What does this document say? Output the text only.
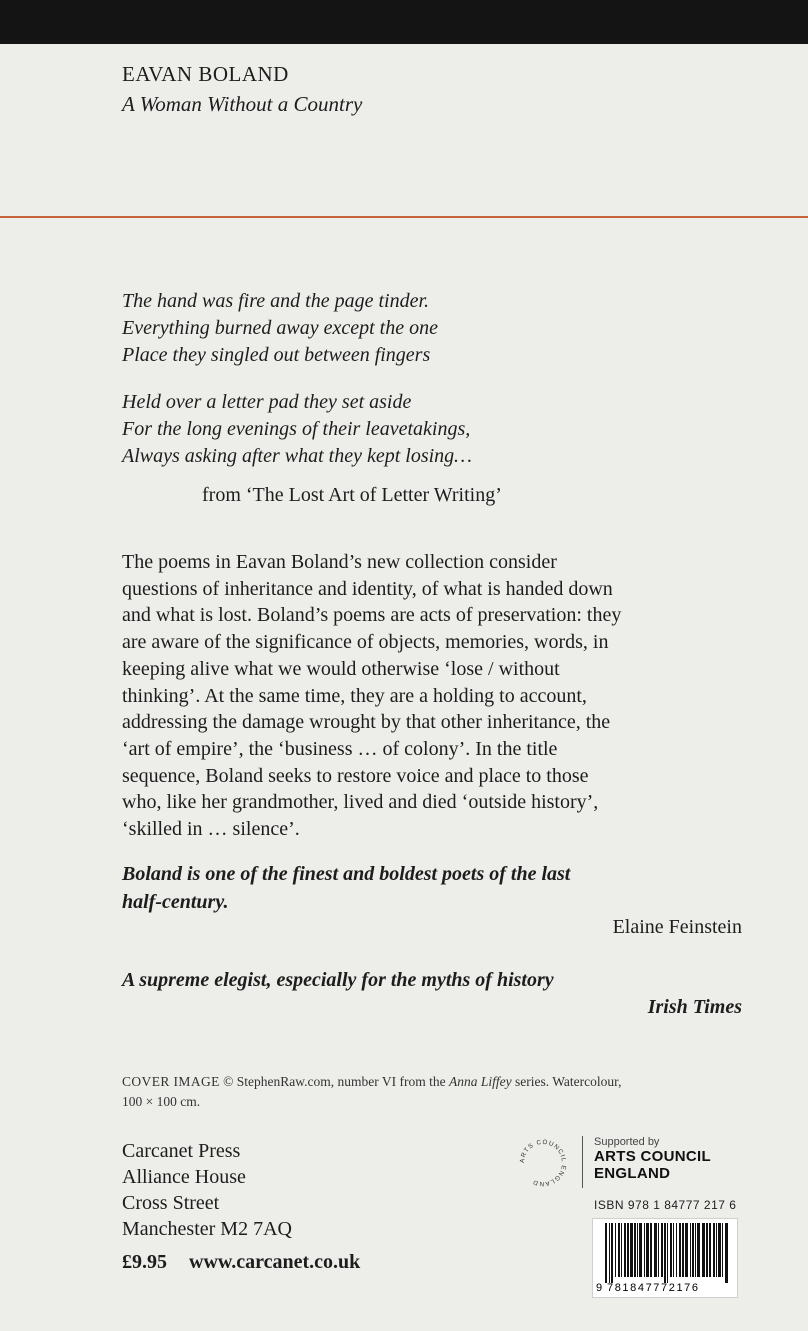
EAVAN BOLAND
A Woman Without a Country
The hand was fire and the page tinder.
Everything burned away except the one
Place they singled out between fingers
Held over a letter pad they set aside
For the long evenings of their leavetakings,
Always asking after what they kept losing…
from ‘The Lost Art of Letter Writing’
The poems in Eavan Boland’s new collection consider
questions of inheritance and identity, of what is handed down
and what is lost. Boland’s poems are acts of preservation: they
are aware of the significance of objects, memories, words, in
keeping alive what we would otherwise ‘lose / without
thinking’. At the same time, they are a holding to account,
addressing the damage wrought by that other inheritance, the
‘art of empire’, the ‘business … of colony’. In the title
sequence, Boland seeks to restore voice and place to those
who, like her grandmother, lived and died ‘outside history’,
‘skilled in … silence’.
Boland is one of the finest and boldest poets of the last
half-century.
Elaine Feinstein
A supreme elegist, especially for the myths of history
Irish Times
COVER IMAGE © StephenRaw.com, number VI from the Anna Liffey series. Watercolour,
100 × 100 cm.
Carcanet Press
Alliance House
Cross Street
Manchester M2 7AQ
£9.95 www.carcanet.co.uk
ARTS COUNCIL ENGLAND
Supported by
ARTS COUNCIL
ENGLAND
ISBN 978 1 84777 217 6
9 781847772176
